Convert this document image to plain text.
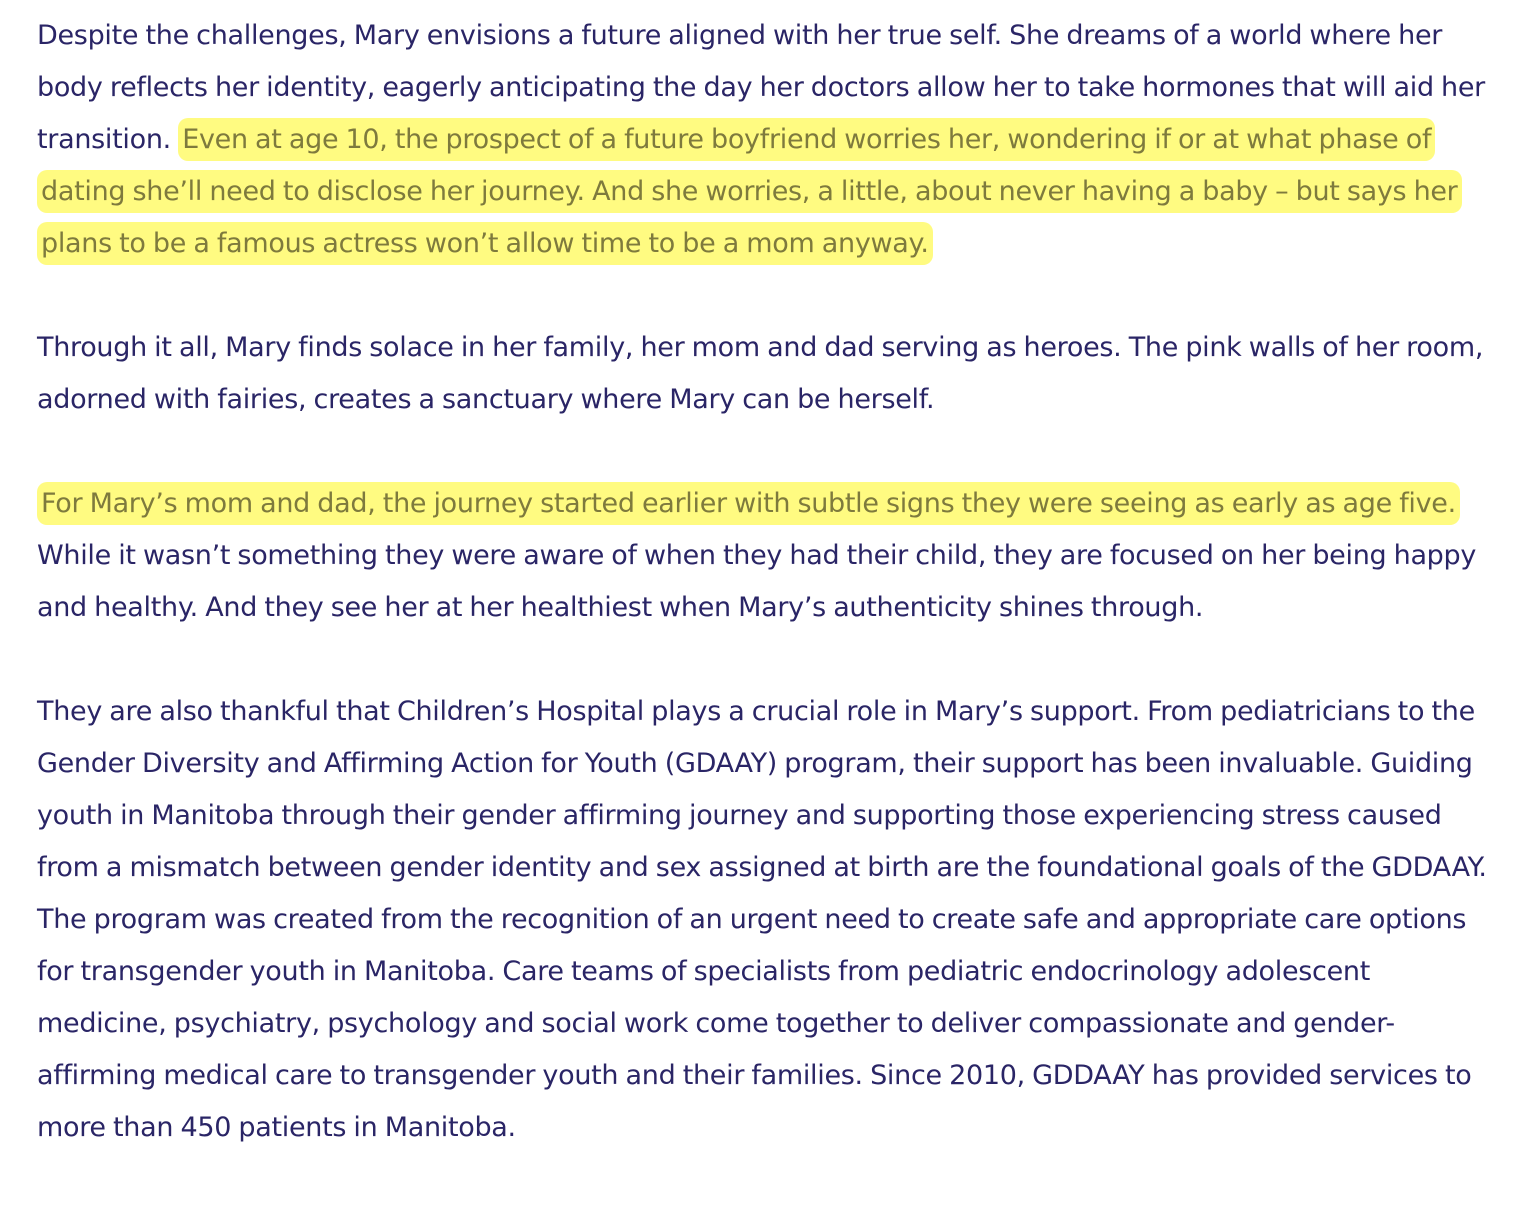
Despite the challenges, Mary envisions a future aligned with her true self. She dreams of a world where her body reflects her identity, eagerly anticipating the day her doctors allow her to take hormones that will aid her transition. Even at age 10, the prospect of a future boyfriend worries her, wondering if or at what phase of dating she’ll need to disclose her journey. And she worries, a little, about never having a baby – but says her plans to be a famous actress won’t allow time to be a mom anyway.

Through it all, Mary finds solace in her family, her mom and dad serving as heroes. The pink walls of her room, adorned with fairies, creates a sanctuary where Mary can be herself.

For Mary’s mom and dad, the journey started earlier with subtle signs they were seeing as early as age five. While it wasn’t something they were aware of when they had their child, they are focused on her being happy and healthy. And they see her at her healthiest when Mary’s authenticity shines through.

They are also thankful that Children’s Hospital plays a crucial role in Mary’s support. From pediatricians to the Gender Diversity and Affirming Action for Youth (GDAAY) program, their support has been invaluable. Guiding youth in Manitoba through their gender affirming journey and supporting those experiencing stress caused from a mismatch between gender identity and sex assigned at birth are the foundational goals of the GDDAAY. The program was created from the recognition of an urgent need to create safe and appropriate care options for transgender youth in Manitoba. Care teams of specialists from pediatric endocrinology adolescent medicine, psychiatry, psychology and social work come together to deliver compassionate and gender-affirming medical care to transgender youth and their families. Since 2010, GDDAAY has provided services to more than 450 patients in Manitoba.
